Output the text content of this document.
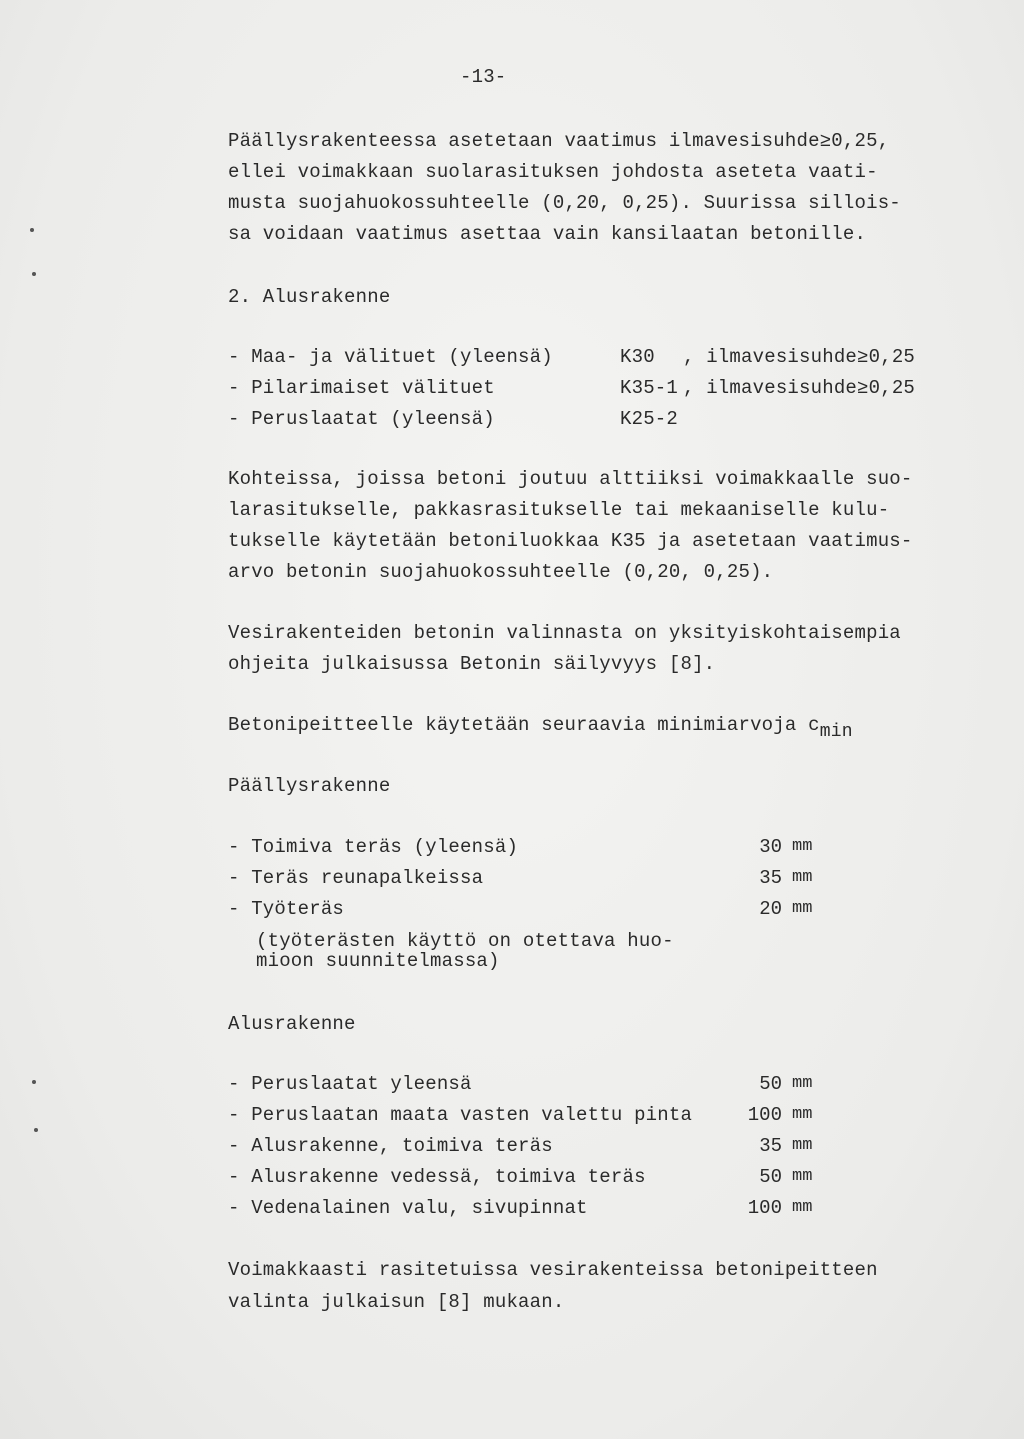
-13-
Päällysrakenteessa asetetaan vaatimus ilmavesisuhde≥0,25,
ellei voimakkaan suolarasituksen johdosta aseteta vaati-
musta suojahuokossuhteelle (0,20, 0,25). Suurissa sillois-
sa voidaan vaatimus asettaa vain kansilaatan betonille.
2. Alusrakenne
- Maa- ja välituet (yleensä)	K30 , ilmavesisuhde≥0,25
- Pilarimaiset välituet	K35-1 , ilmavesisuhde≥0,25
- Peruslaatat (yleensä)	K25-2
Kohteissa, joissa betoni joutuu alttiiksi voimakkaalle suo-
larasitukselle, pakkasrasitukselle tai mekaaniselle kulu-
tukselle käytetään betoniluokkaa K35 ja asetetaan vaatimus-
arvo betonin suojahuokossuhteelle (0,20, 0,25).
Vesirakenteiden betonin valinnasta on yksityiskohtaisempia
ohjeita julkaisussa Betonin säilyvyys [8].
Betonipeitteelle käytetään seuraavia minimiarvoja $c_{min}$
Päällysrakenne
- Toimiva teräs (yleensä)	30 mm
- Teräs reunapalkeissa	35 mm
- Työteräs	20 mm
(työterästen käyttö on otettava huo-
mioon suunnitelmassa)
Alusrakenne
- Peruslaatat yleensä	50 mm
- Peruslaatan maata vasten valettu pinta	100 mm
- Alusrakenne, toimiva teräs	35 mm
- Alusrakenne vedessä, toimiva teräs	50 mm
- Vedenalainen valu, sivupinnat	100 mm
Voimakkaasti rasitetuissa vesirakenteissa betonipeitteen
valinta julkaisun [8] mukaan.
